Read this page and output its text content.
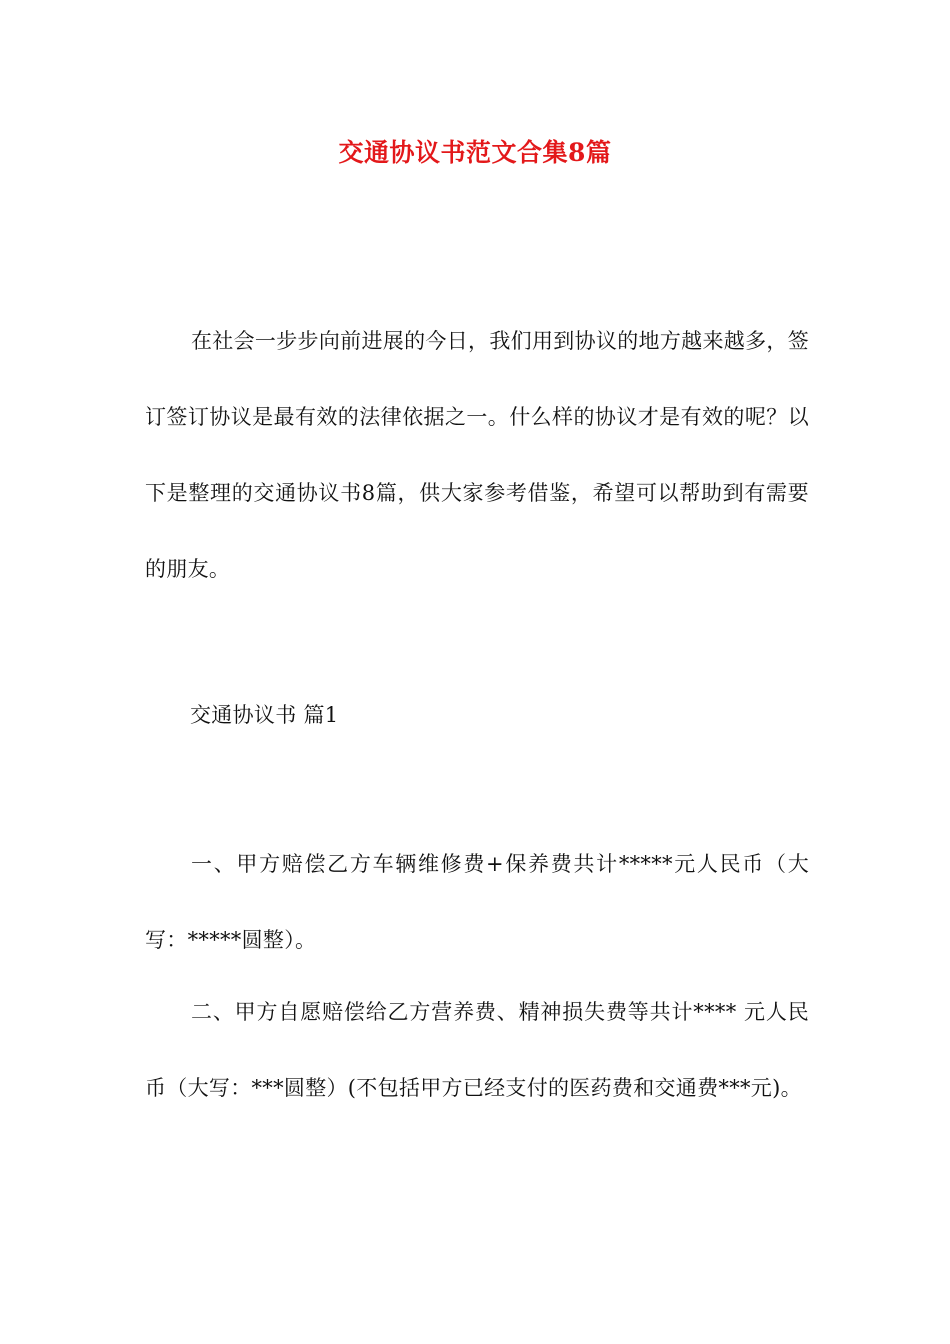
交通协议书范文合集8篇

在社会一步步向前进展的今日，我们用到协议的地方越来越多，签订签订协议是最有效的法律依据之一。什么样的协议才是有效的呢？以下是整理的交通协议书8篇，供大家参考借鉴，希望可以帮助到有需要的朋友。

交通协议书 篇1

一、甲方赔偿乙方车辆维修费+保养费共计*****元人民币（大写：*****圆整）。

二、甲方自愿赔偿给乙方营养费、精神损失费等共计**** 元人民币（大写：***圆整）(不包括甲方已经支付的医药费和交通费***元)。
